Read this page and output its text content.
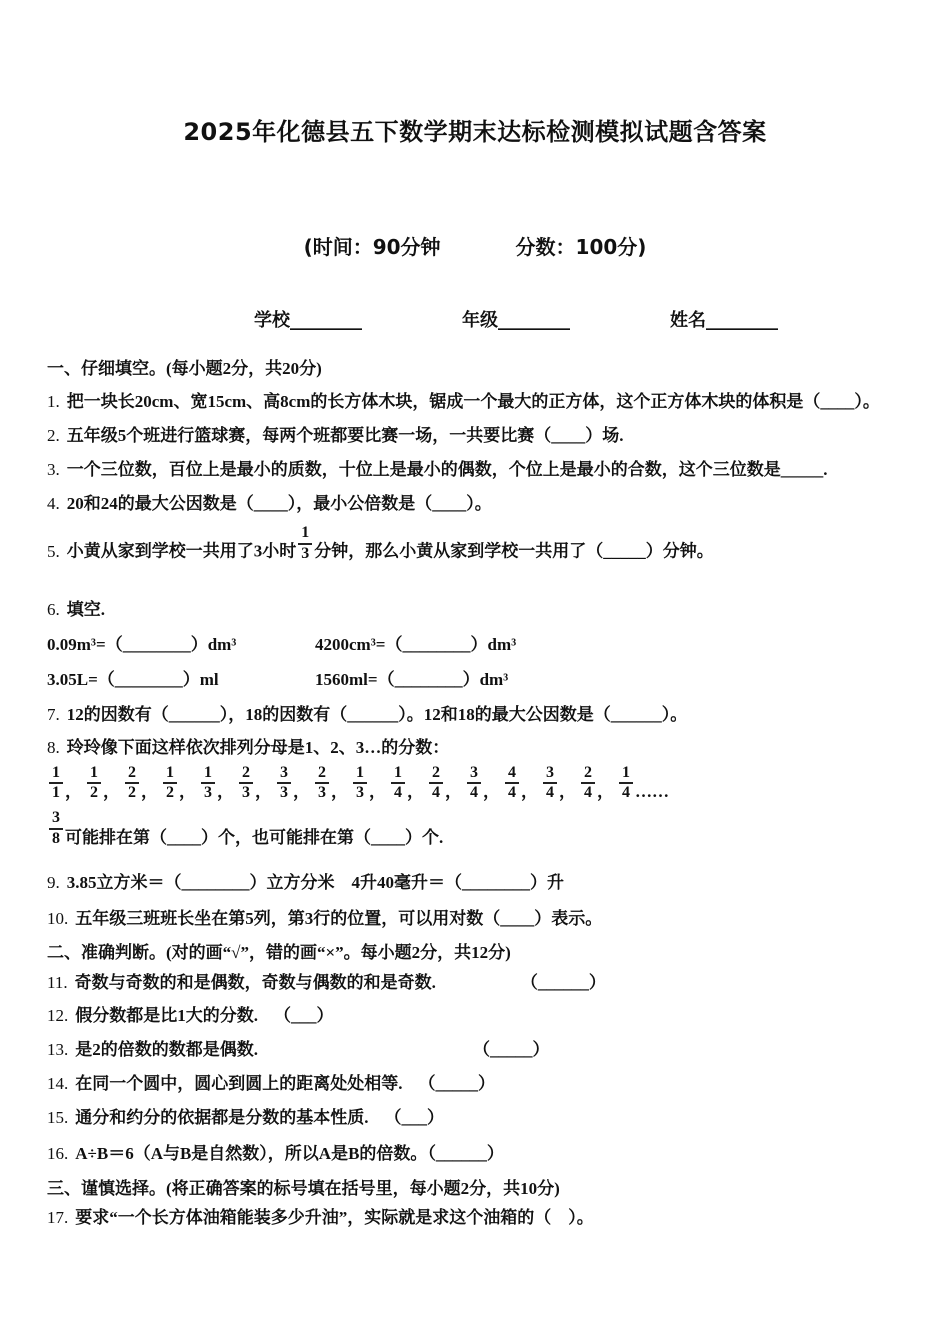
2025年化德县五下数学期末达标检测模拟试题含答案
(时间：90分钟	分数：100分)
学校________	年级________	姓名________
一、仔细填空。(每小题2分，共20分)
1. 把一块长20cm、宽15cm、高8cm的长方体木块，锯成一个最大的正方体，这个正方体木块的体积是（____）。
2. 五年级5个班进行篮球赛，每两个班都要比赛一场，一共要比赛（____）场.
3. 一个三位数，百位上是最小的质数，十位上是最小的偶数，个位上是最小的合数，这个三位数是_____.
4. 20和24的最大公因数是（____），最小公倍数是（____）。
5. 小黄从家到学校一共用了3小时 $\frac{1}{3}$ 分钟，那么小黄从家到学校一共用了（_____）分钟。
6. 填空.
0.09m³=（________）dm³	4200cm³=（________）dm³
3.05L=（________）ml	1560ml=（________）dm³
7. 12的因数有（______），18的因数有（______）。12和18的最大公因数是（______）。
8. 玲玲像下面这样依次排列分母是1、2、3…的分数：
$\frac{1}{1}$ ， $\frac{1}{2}$ ， $\frac{2}{2}$ ， $\frac{1}{2}$ ， $\frac{1}{3}$ ， $\frac{2}{3}$ ， $\frac{3}{3}$ ， $\frac{2}{3}$ ， $\frac{1}{3}$ ， $\frac{1}{4}$ ， $\frac{2}{4}$ ， $\frac{3}{4}$ ， $\frac{4}{4}$ ， $\frac{3}{4}$ ， $\frac{2}{4}$ ， $\frac{1}{4}$ ……
$\frac{3}{8}$ 可能排在第（____）个，也可能排在第（____）个.
9. 3.85立方米＝（________）立方分米　4升40毫升＝（________）升
10. 五年级三班班长坐在第5列，第3行的位置，可以用对数（____）表示。
二、准确判断。(对的画“√”，错的画“×”。每小题2分，共12分)
11. 奇数与奇数的和是偶数，奇数与偶数的和是奇数.	（______）
12. 假分数都是比1大的分数. （___）
13. 是2的倍数的数都是偶数.	（_____）
14. 在同一个圆中，圆心到圆上的距离处处相等. （_____）
15. 通分和约分的依据都是分数的基本性质. （___）
16. A÷B＝6（A与B是自然数），所以A是B的倍数。（______）
三、谨慎选择。(将正确答案的标号填在括号里，每小题2分，共10分)
17. 要求“一个长方体油箱能装多少升油”，实际就是求这个油箱的（　）。
